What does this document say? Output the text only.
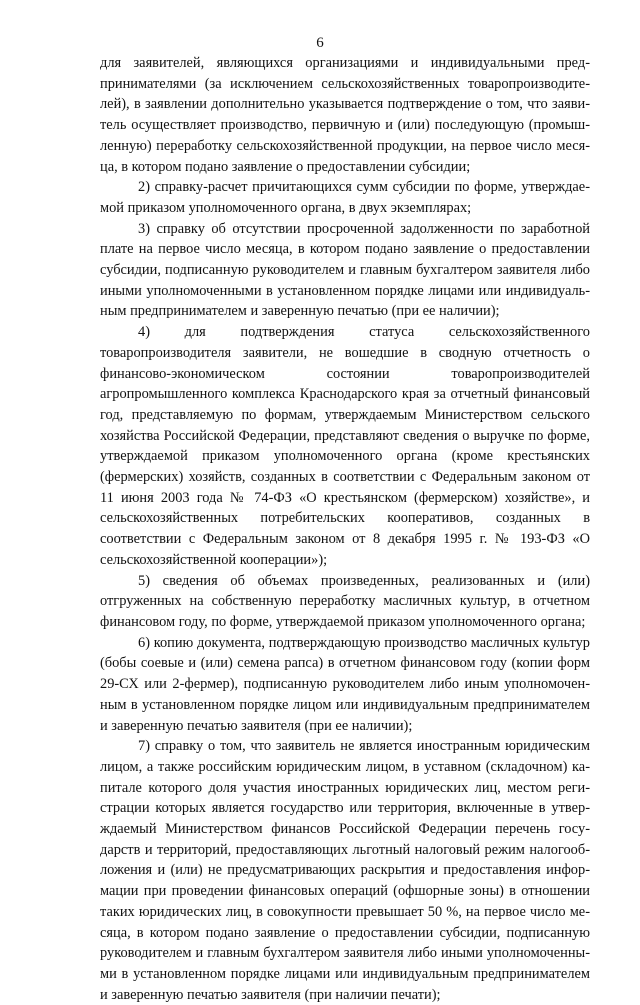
6

для заявителей, являющихся организациями и индивидуальными предпринимателями (за исключением сельскохозяйственных товаропроизводителей), в заявлении дополнительно указывается подтверждение о том, что заявитель осуществляет производство, первичную и (или) последующую (промышленную) переработку сельскохозяйственной продукции, на первое число месяца, в котором подано заявление о предоставлении субсидии;

2) справку-расчет причитающихся сумм субсидии по форме, утверждаемой приказом уполномоченного органа, в двух экземплярах;

3) справку об отсутствии просроченной задолженности по заработной плате на первое число месяца, в котором подано заявление о предоставлении субсидии, подписанную руководителем и главным бухгалтером заявителя либо иными уполномоченными в установленном порядке лицами или индивидуальным предпринимателем и заверенную печатью (при ее наличии);

4) для подтверждения статуса сельскохозяйственного товаропроизводителя заявители, не вошедшие в сводную отчетность о финансово-экономическом состоянии товаропроизводителей агропромышленного комплекса Краснодарского края за отчетный финансовый год, представляемую по формам, утверждаемым Министерством сельского хозяйства Российской Федерации, представляют сведения о выручке по форме, утверждаемой приказом уполномоченного органа (кроме крестьянских (фермерских) хозяйств, созданных в соответствии с Федеральным законом от 11 июня 2003 года № 74-ФЗ «О крестьянском (фермерском) хозяйстве», и сельскохозяйственных потребительских кооперативов, созданных в соответствии с Федеральным законом от 8 декабря 1995 г. № 193-ФЗ «О сельскохозяйственной кооперации»);

5) сведения об объемах произведенных, реализованных и (или) отгруженных на собственную переработку масличных культур, в отчетном финансовом году, по форме, утверждаемой приказом уполномоченного органа;

6) копию документа, подтверждающую производство масличных культур (бобы соевые и (или) семена рапса) в отчетном финансовом году (копии форм 29-СХ или 2-фермер), подписанную руководителем либо иным уполномоченным в установленном порядке лицом или индивидуальным предпринимателем и заверенную печатью заявителя (при ее наличии);

7) справку о том, что заявитель не является иностранным юридическим лицом, а также российским юридическим лицом, в уставном (складочном) капитале которого доля участия иностранных юридических лиц, местом регистрации которых является государство или территория, включенные в утверждаемый Министерством финансов Российской Федерации перечень государств и территорий, предоставляющих льготный налоговый режим налогообложения и (или) не предусматривающих раскрытия и предоставления информации при проведении финансовых операций (офшорные зоны) в отношении таких юридических лиц, в совокупности превышает 50 %, на первое число месяца, в котором подано заявление о предоставлении субсидии, подписанную руководителем и главным бухгалтером заявителя либо иными уполномоченными в установленном порядке лицами или индивидуальным предпринимателем и заверенную печатью заявителя (при наличии печати);
